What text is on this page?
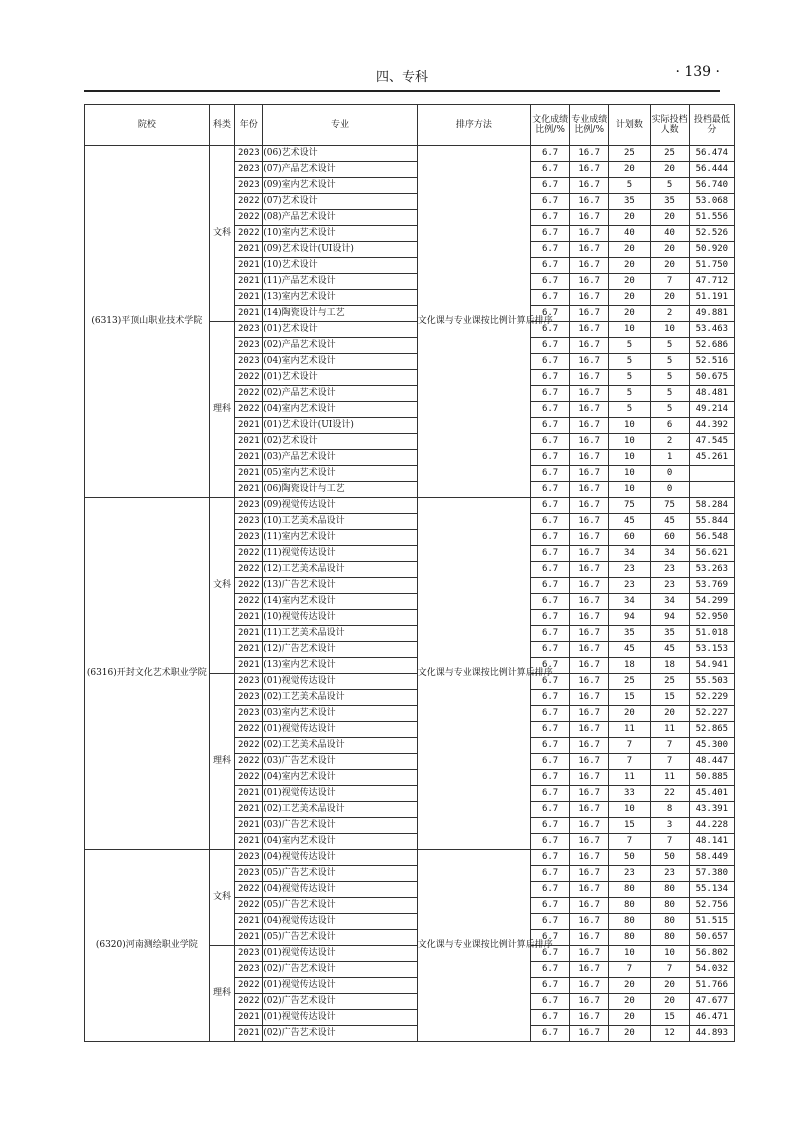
四、专科	· 139 ·
院校	科类	年份	专业	排序方法	文化成绩比例/%	专业成绩比例/%	计划数	实际投档人数	投档最低分
(6313)平顶山职业技术学院	文科	2023	(06)艺术设计	文化课与专业课按比例计算后排序	6.7	16.7	25	25	56.474
		2023	(07)产品艺术设计		6.7	16.7	20	20	56.444
		2023	(09)室内艺术设计		6.7	16.7	5	5	56.740
		2022	(07)艺术设计		6.7	16.7	35	35	53.068
		2022	(08)产品艺术设计		6.7	16.7	20	20	51.556
		2022	(10)室内艺术设计		6.7	16.7	40	40	52.526
		2021	(09)艺术设计(UI设计)		6.7	16.7	20	20	50.920
		2021	(10)艺术设计		6.7	16.7	20	20	51.750
		2021	(11)产品艺术设计		6.7	16.7	20	7	47.712
		2021	(13)室内艺术设计		6.7	16.7	20	20	51.191
		2021	(14)陶瓷设计与工艺		6.7	16.7	20	2	49.881
	理科	2023	(01)艺术设计		6.7	16.7	10	10	53.463
		2023	(02)产品艺术设计		6.7	16.7	5	5	52.686
		2023	(04)室内艺术设计		6.7	16.7	5	5	52.516
		2022	(01)艺术设计		6.7	16.7	5	5	50.675
		2022	(02)产品艺术设计		6.7	16.7	5	5	48.481
		2022	(04)室内艺术设计		6.7	16.7	5	5	49.214
		2021	(01)艺术设计(UI设计)		6.7	16.7	10	6	44.392
		2021	(02)艺术设计		6.7	16.7	10	2	47.545
		2021	(03)产品艺术设计		6.7	16.7	10	1	45.261
		2021	(05)室内艺术设计		6.7	16.7	10	0	
		2021	(06)陶瓷设计与工艺		6.7	16.7	10	0	
(6316)开封文化艺术职业学院	文科	2023	(09)视觉传达设计	文化课与专业课按比例计算后排序	6.7	16.7	75	75	58.284
		2023	(10)工艺美术品设计		6.7	16.7	45	45	55.844
		2023	(11)室内艺术设计		6.7	16.7	60	60	56.548
		2022	(11)视觉传达设计		6.7	16.7	34	34	56.621
		2022	(12)工艺美术品设计		6.7	16.7	23	23	53.263
		2022	(13)广告艺术设计		6.7	16.7	23	23	53.769
		2022	(14)室内艺术设计		6.7	16.7	34	34	54.299
		2021	(10)视觉传达设计		6.7	16.7	94	94	52.950
		2021	(11)工艺美术品设计		6.7	16.7	35	35	51.018
		2021	(12)广告艺术设计		6.7	16.7	45	45	53.153
		2021	(13)室内艺术设计		6.7	16.7	18	18	54.941
	理科	2023	(01)视觉传达设计		6.7	16.7	25	25	55.503
		2023	(02)工艺美术品设计		6.7	16.7	15	15	52.229
		2023	(03)室内艺术设计		6.7	16.7	20	20	52.227
		2022	(01)视觉传达设计		6.7	16.7	11	11	52.865
		2022	(02)工艺美术品设计		6.7	16.7	7	7	45.300
		2022	(03)广告艺术设计		6.7	16.7	7	7	48.447
		2022	(04)室内艺术设计		6.7	16.7	11	11	50.885
		2021	(01)视觉传达设计		6.7	16.7	33	22	45.401
		2021	(02)工艺美术品设计		6.7	16.7	10	8	43.391
		2021	(03)广告艺术设计		6.7	16.7	15	3	44.228
		2021	(04)室内艺术设计		6.7	16.7	7	7	48.141
(6320)河南测绘职业学院	文科	2023	(04)视觉传达设计	文化课与专业课按比例计算后排序	6.7	16.7	50	50	58.449
		2023	(05)广告艺术设计		6.7	16.7	23	23	57.380
		2022	(04)视觉传达设计		6.7	16.7	80	80	55.134
		2022	(05)广告艺术设计		6.7	16.7	80	80	52.756
		2021	(04)视觉传达设计		6.7	16.7	80	80	51.515
		2021	(05)广告艺术设计		6.7	16.7	80	80	50.657
	理科	2023	(01)视觉传达设计		6.7	16.7	10	10	56.802
		2023	(02)广告艺术设计		6.7	16.7	7	7	54.032
		2022	(01)视觉传达设计		6.7	16.7	20	20	51.766
		2022	(02)广告艺术设计		6.7	16.7	20	20	47.677
		2021	(01)视觉传达设计		6.7	16.7	20	15	46.471
		2021	(02)广告艺术设计		6.7	16.7	20	12	44.893
